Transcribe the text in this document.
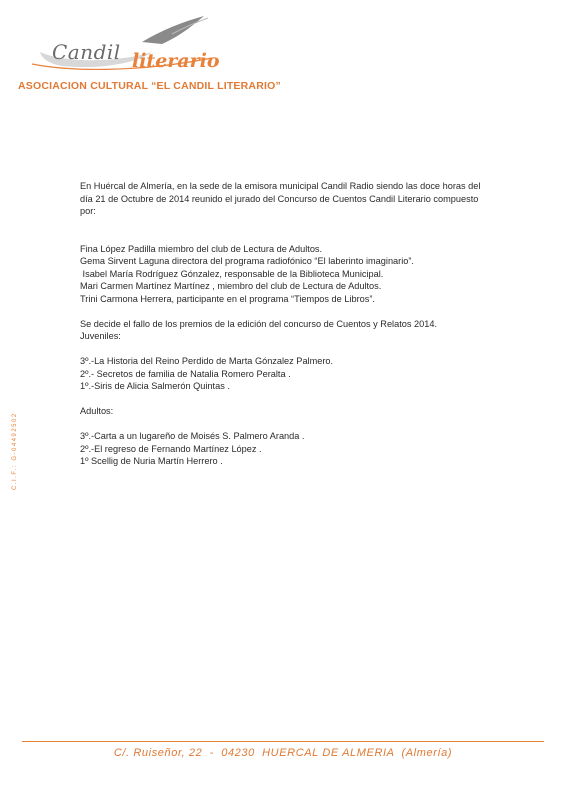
Candil literario
ASOCIACION CULTURAL “EL CANDIL LITERARIO”
C.I.F.: G-04492502
En Huércal de Almería, en la sede de la emisora municipal Candil Radio siendo las doce horas del
día 21 de Octubre de 2014 reunido el jurado del Concurso de Cuentos Candil Literario compuesto
por:
Fina López Padilla miembro del club de Lectura de Adultos.
Gema Sirvent Laguna directora del programa radiofónico “El laberinto imaginario”.
Isabel María Rodríguez Gónzalez, responsable de la Biblioteca Municipal.
Mari Carmen Martínez Martínez , miembro del club de Lectura de Adultos.
Trini Carmona Herrera, participante en el programa “Tiempos de Libros”.
Se decide el fallo de los premios de la edición del concurso de Cuentos y Relatos 2014.
Juveniles:
3º.-La Historia del Reino Perdido de Marta Gónzalez Palmero.
2º.- Secretos de familia de Natalia Romero Peralta .
1º.-Siris de Alicia Salmerón Quintas .
Adultos:
3º.-Carta a un lugareño de Moisés S. Palmero Aranda .
2º.-El regreso de Fernando Martínez López .
1º Scellig de Nuria Martín Herrero .
C/. Ruiseñor, 22  -  04230  HUERCAL DE ALMERIA  (Almería)
